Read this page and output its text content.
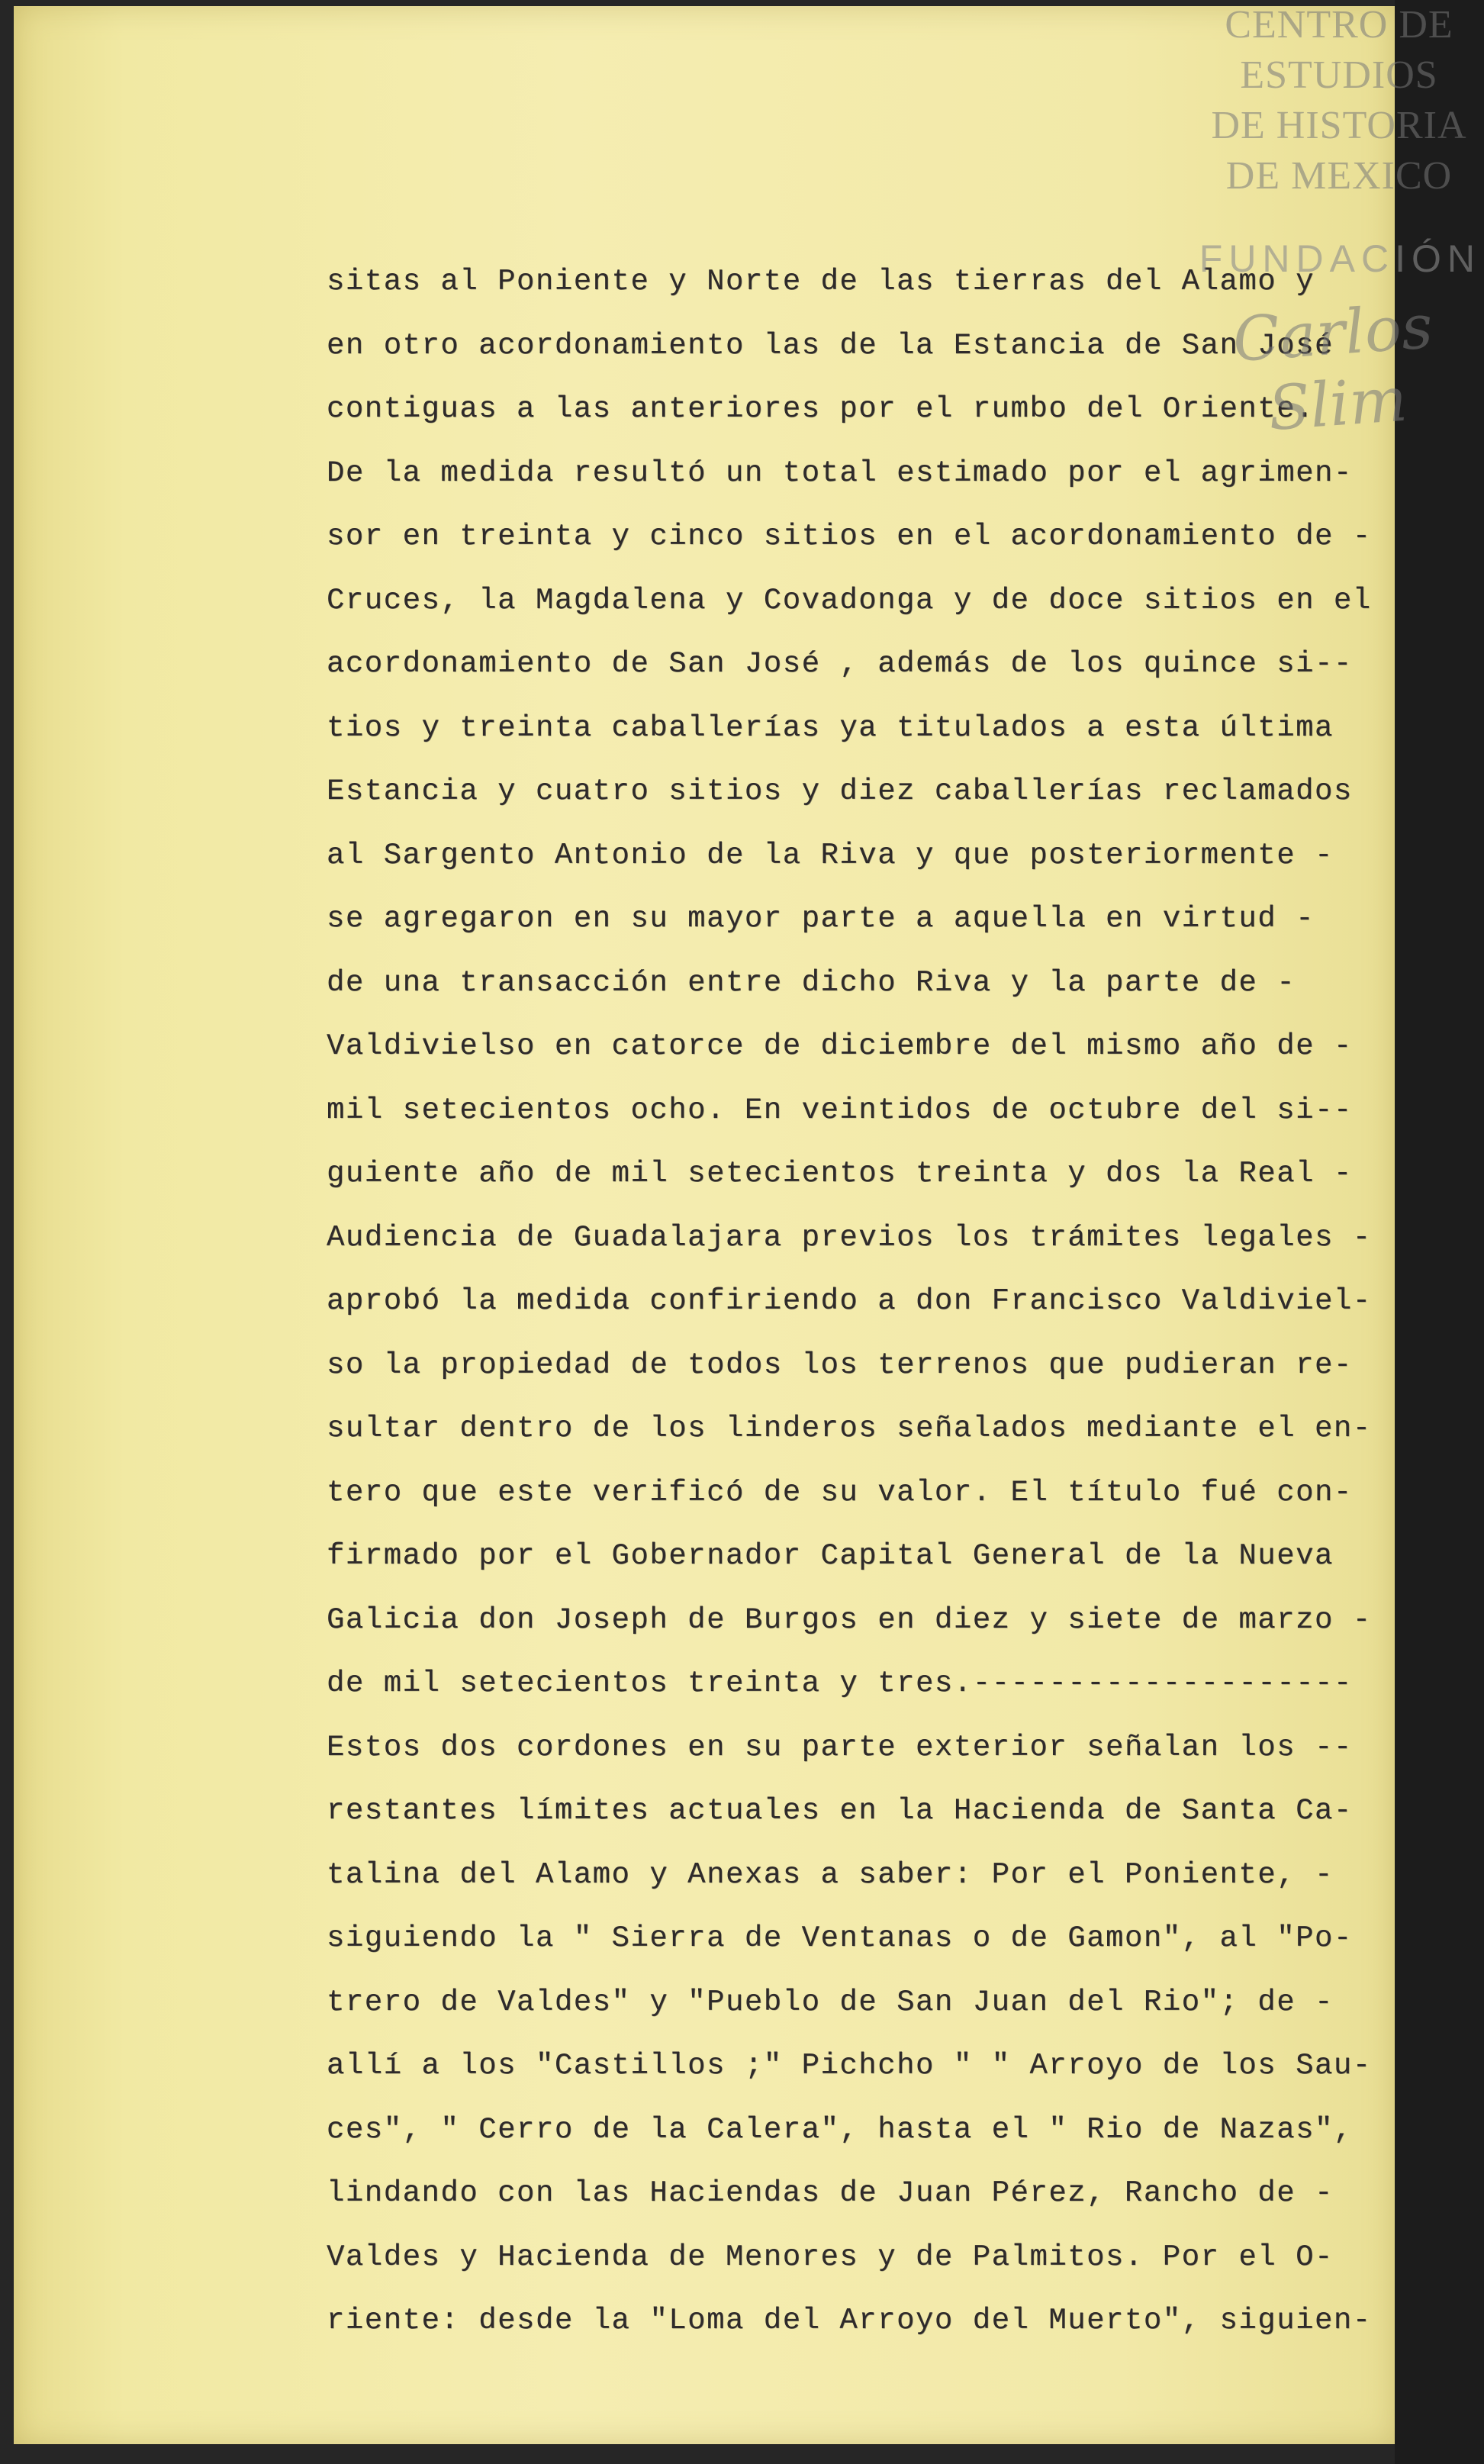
sitas al Poniente y Norte de las tierras del Alamo y
en otro acordonamiento las de la Estancia de San José
contiguas a las anteriores por el rumbo del Oriente.
De la medida resultó un total estimado por el agrimen-
sor en treinta y cinco sitios en el acordonamiento de -
Cruces, la Magdalena y Covadonga y de doce sitios en el
acordonamiento de San José , además de los quince si--
tios y treinta caballerías ya titulados a esta última
Estancia y cuatro sitios y diez caballerías reclamados
al Sargento Antonio de la Riva y que posteriormente -
se agregaron en su mayor parte a aquella en virtud -
de una transacción entre dicho Riva y la parte de -
Valdivielso en catorce de diciembre del mismo año de -
mil setecientos ocho. En veintidos de octubre del si--
guiente año de mil setecientos treinta y dos la Real -
Audiencia de Guadalajara previos los trámites legales -
aprobó la medida confiriendo a don Francisco Valdiviel-
so la propiedad de todos los terrenos que pudieran re-
sultar dentro de los linderos señalados mediante el en-
tero que este verificó de su valor. El título fué con-
firmado por el Gobernador Capital General de la Nueva
Galicia don Joseph de Burgos en diez y siete de marzo -
de mil setecientos treinta y tres.--------------------
Estos dos cordones en su parte exterior señalan los --
restantes límites actuales en la Hacienda de Santa Ca-
talina del Alamo y Anexas a saber: Por el Poniente, -
siguiendo la " Sierra de Ventanas o de Gamon", al "Po-
trero de Valdes" y "Pueblo de San Juan del Rio"; de -
allí a los "Castillos ;" Pichcho " " Arroyo de los Sau-
ces", " Cerro de la Calera", hasta el " Rio de Nazas",
lindando con las Haciendas de Juan Pérez, Rancho de -
Valdes y Hacienda de Menores y de Palmitos. Por el O-
riente: desde la "Loma del Arroyo del Muerto", siguien-
CENTRO DE
ESTUDIOS
DE HISTORIA
DE MEXICO
FUNDACIÓN
Carlos Slim
